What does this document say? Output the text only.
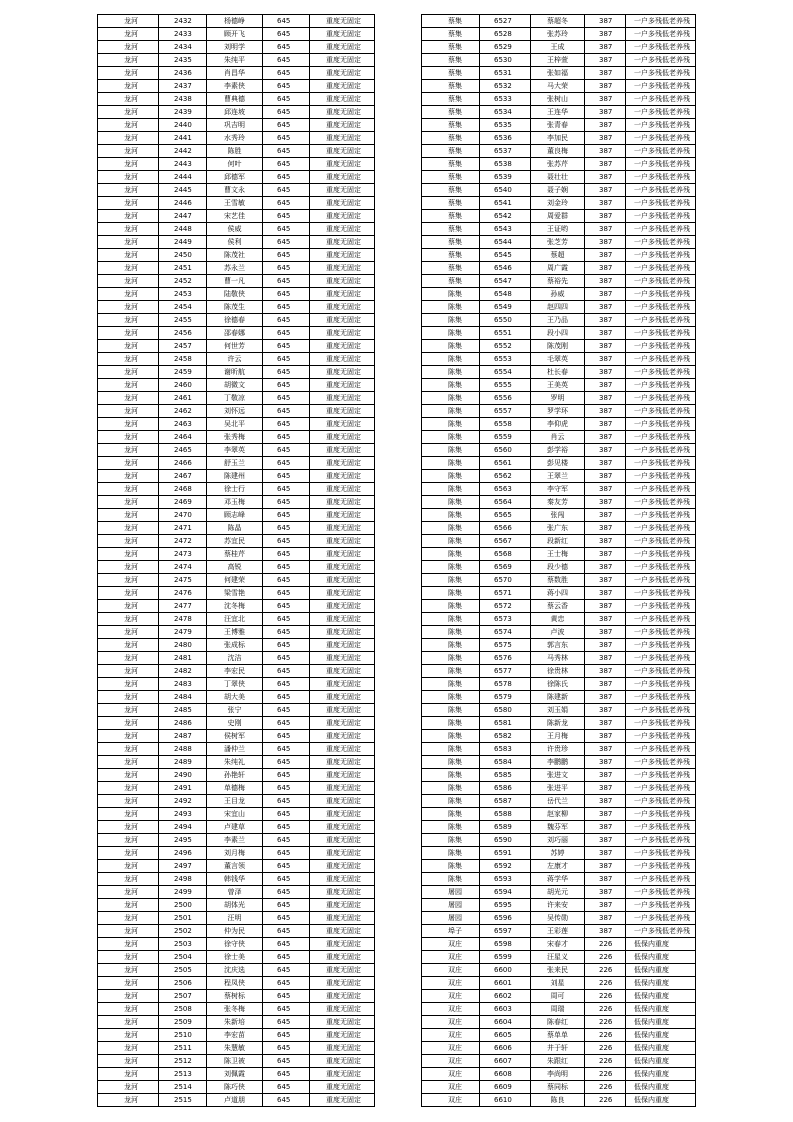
龙河	2432	杨德峥	645	重度无固定
龙河	2433	顾开飞	645	重度无固定
龙河	2434	刘明学	645	重度无固定
龙河	2435	朱纯平	645	重度无固定
龙河	2436	肖昌华	645	重度无固定
龙河	2437	李素侠	645	重度无固定
龙河	2438	曹典德	645	重度无固定
龙河	2439	邱连坡	645	重度无固定
龙河	2440	巩吉明	645	重度无固定
龙河	2441	水秀玲	645	重度无固定
龙河	2442	陈胜	645	重度无固定
龙河	2443	何叶	645	重度无固定
龙河	2444	邱德军	645	重度无固定
龙河	2445	曹文永	645	重度无固定
龙河	2446	王雪敏	645	重度无固定
龙河	2447	宋艺佳	645	重度无固定
龙河	2448	侯威	645	重度无固定
龙河	2449	侯利	645	重度无固定
龙河	2450	陈茂社	645	重度无固定
龙河	2451	苏永兰	645	重度无固定
龙河	2452	曹一凡	645	重度无固定
龙河	2453	陆敬侠	645	重度无固定
龙河	2454	陈茂生	645	重度无固定
龙河	2455	徐德春	645	重度无固定
龙河	2456	邵春娜	645	重度无固定
龙河	2457	何世芳	645	重度无固定
龙河	2458	许云	645	重度无固定
龙河	2459	谢昕航	645	重度无固定
龙河	2460	胡微文	645	重度无固定
龙河	2461	丁敬凉	645	重度无固定
龙河	2462	刘怀远	645	重度无固定
龙河	2463	吴北平	645	重度无固定
龙河	2464	张秀梅	645	重度无固定
龙河	2465	李翠英	645	重度无固定
龙河	2466	舒玉兰	645	重度无固定
龙河	2467	陈建州	645	重度无固定
龙河	2468	徐士行	645	重度无固定
龙河	2469	邓玉梅	645	重度无固定
龙河	2470	顾志峰	645	重度无固定
龙河	2471	陈晶	645	重度无固定
龙河	2472	苏宜民	645	重度无固定
龙河	2473	蔡桂芹	645	重度无固定
龙河	2474	高锐	645	重度无固定
龙河	2475	何建荣	645	重度无固定
龙河	2476	梁雪艳	645	重度无固定
龙河	2477	沈冬梅	645	重度无固定
龙河	2478	汪宜北	645	重度无固定
龙河	2479	王博雅	645	重度无固定
龙河	2480	张成标	645	重度无固定
龙河	2481	沈洁	645	重度无固定
龙河	2482	李宏民	645	重度无固定
龙河	2483	丁翠侠	645	重度无固定
龙河	2484	胡大美	645	重度无固定
龙河	2485	张宁	645	重度无固定
龙河	2486	史刚	645	重度无固定
龙河	2487	侯树军	645	重度无固定
龙河	2488	潘仲兰	645	重度无固定
龙河	2489	朱纯礼	645	重度无固定
龙河	2490	孙艳轩	645	重度无固定
龙河	2491	单德梅	645	重度无固定
龙河	2492	王目龙	645	重度无固定
龙河	2493	宋宜山	645	重度无固定
龙河	2494	卢建草	645	重度无固定
龙河	2495	李素兰	645	重度无固定
龙河	2496	刘月梅	645	重度无固定
龙河	2497	董言领	645	重度无固定
龙河	2498	韩钱华	645	重度无固定
龙河	2499	曾泽	645	重度无固定
龙河	2500	胡体光	645	重度无固定
龙河	2501	汪明	645	重度无固定
龙河	2502	仲为民	645	重度无固定
龙河	2503	徐守侠	645	重度无固定
龙河	2504	徐士美	645	重度无固定
龙河	2505	沈庆选	645	重度无固定
龙河	2506	程凤侠	645	重度无固定
龙河	2507	蔡树标	645	重度无固定
龙河	2508	张冬梅	645	重度无固定
龙河	2509	朱新培	645	重度无固定
龙河	2510	李宏苗	645	重度无固定
龙河	2511	朱慧敏	645	重度无固定
龙河	2512	陈卫被	645	重度无固定
龙河	2513	刘佩霞	645	重度无固定
龙河	2514	陈巧侠	645	重度无固定
龙河	2515	卢道朋	645	重度无固定
蔡集	6527	蔡超冬	387	一户多残低老养残
蔡集	6528	张苏玲	387	一户多残低老养残
蔡集	6529	王成	387	一户多残低老养残
蔡集	6530	王梓萱	387	一户多残低老养残
蔡集	6531	张如福	387	一户多残低老养残
蔡集	6532	马大荣	387	一户多残低老养残
蔡集	6533	张树山	387	一户多残低老养残
蔡集	6534	王连华	387	一户多残低老养残
蔡集	6535	张青春	387	一户多残低老养残
蔡集	6536	李加民	387	一户多残低老养残
蔡集	6537	董良梅	387	一户多残低老养残
蔡集	6538	张苏芹	387	一户多残低老养残
蔡集	6539	聂壮壮	387	一户多残低老养残
蔡集	6540	聂子娴	387	一户多残低老养残
蔡集	6541	刘金玲	387	一户多残低老养残
蔡集	6542	周爱群	387	一户多残低老养残
蔡集	6543	王证哟	387	一户多残低老养残
蔡集	6544	张芝芳	387	一户多残低老养残
蔡集	6545	蔡超	387	一户多残低老养残
蔡集	6546	周广霞	387	一户多残低老养残
蔡集	6547	蔡裕先	387	一户多残低老养残
陈集	6548	孙威	387	一户多残低老养残
陈集	6549	赵四四	387	一户多残低老养残
陈集	6550	王乃品	387	一户多残低老养残
陈集	6551	段小四	387	一户多残低老养残
陈集	6552	陈茂刚	387	一户多残低老养残
陈集	6553	毛翠英	387	一户多残低老养残
陈集	6554	杜长春	387	一户多残低老养残
陈集	6555	王美英	387	一户多残低老养残
陈集	6556	罗明	387	一户多残低老养残
陈集	6557	罗学环	387	一户多残低老养残
陈集	6558	李仰虎	387	一户多残低老养残
陈集	6559	肖云	387	一户多残低老养残
陈集	6560	彭学裕	387	一户多残低老养残
陈集	6561	彭见楼	387	一户多残低老养残
陈集	6562	王翠兰	387	一户多残低老养残
陈集	6563	李守军	387	一户多残低老养残
陈集	6564	秦友芳	387	一户多残低老养残
陈集	6565	张闯	387	一户多残低老养残
陈集	6566	张广东	387	一户多残低老养残
陈集	6567	段新红	387	一户多残低老养残
陈集	6568	王士梅	387	一户多残低老养残
陈集	6569	段少德	387	一户多残低老养残
陈集	6570	蔡数胜	387	一户多残低老养残
陈集	6571	蒋小四	387	一户多残低老养残
陈集	6572	蔡云香	387	一户多残低老养残
陈集	6573	黄忠	387	一户多残低老养残
陈集	6574	卢波	387	一户多残低老养残
陈集	6575	郭言东	387	一户多残低老养残
陈集	6576	马秀林	387	一户多残低老养残
陈集	6577	徐贵林	387	一户多残低老养残
陈集	6578	徐陈氏	387	一户多残低老养残
陈集	6579	陈建新	387	一户多残低老养残
陈集	6580	刘玉娟	387	一户多残低老养残
陈集	6581	陈新龙	387	一户多残低老养残
陈集	6582	王月梅	387	一户多残低老养残
陈集	6583	许贵珍	387	一户多残低老养残
陈集	6584	李鹏鹏	387	一户多残低老养残
陈集	6585	张进文	387	一户多残低老养残
陈集	6586	张进平	387	一户多残低老养残
陈集	6587	岳代兰	387	一户多残低老养残
陈集	6588	赵家柳	387	一户多残低老养残
陈集	6589	魏芬军	387	一户多残低老养残
陈集	6590	刘巧丽	387	一户多残低老养残
陈集	6591	苏婷	387	一户多残低老养残
陈集	6592	左康才	387	一户多残低老养残
陈集	6593	蒋学华	387	一户多残低老养残
屠园	6594	胡光元	387	一户多残低老养残
屠园	6595	许来安	387	一户多残低老养残
屠园	6596	吴传勋	387	一户多残低老养残
埠子	6597	王彩莲	387	一户多残低老养残
双庄	6598	宋春才	226	低保内重度
双庄	6599	汪星义	226	低保内重度
双庄	6600	张来民	226	低保内重度
双庄	6601	刘星	226	低保内重度
双庄	6602	周可	226	低保内重度
双庄	6603	周瑞	226	低保内重度
双庄	6604	陈春红	226	低保内重度
双庄	6605	蔡单单	226	低保内重度
双庄	6606	井于轩	226	低保内重度
双庄	6607	朱跟红	226	低保内重度
双庄	6608	李尚明	226	低保内重度
双庄	6609	蔡同标	226	低保内重度
双庄	6610	陈良	226	低保内重度
